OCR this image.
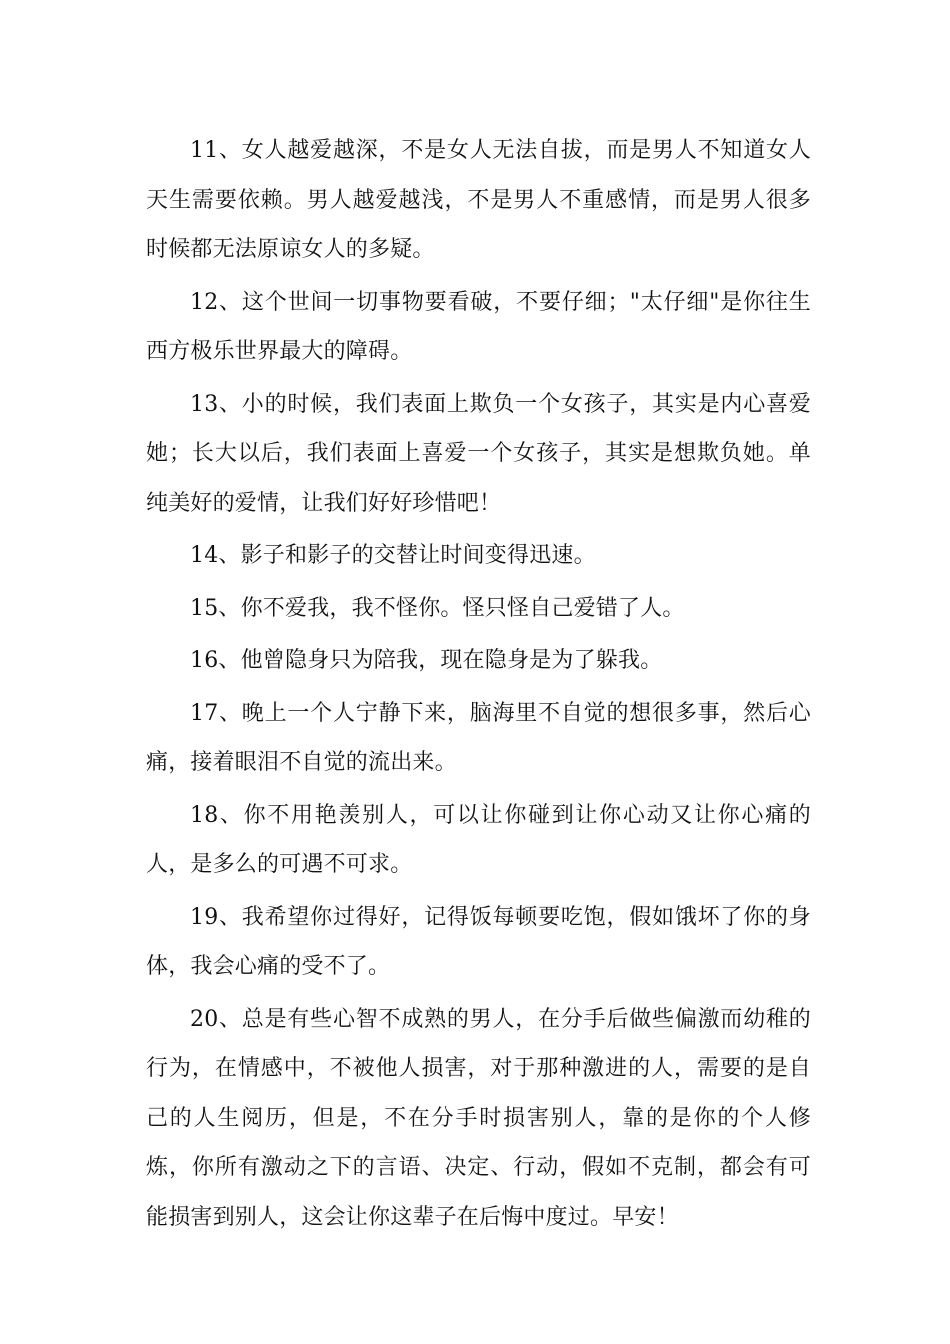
11、女人越爱越深，不是女人无法自拔，而是男人不知道女人天生需要依赖。男人越爱越浅，不是男人不重感情，而是男人很多时候都无法原谅女人的多疑。

12、这个世间一切事物要看破，不要仔细；"太仔细"是你往生西方极乐世界最大的障碍。

13、小的时候，我们表面上欺负一个女孩子，其实是内心喜爱她；长大以后，我们表面上喜爱一个女孩子，其实是想欺负她。单纯美好的爱情，让我们好好珍惜吧！

14、影子和影子的交替让时间变得迅速。

15、你不爱我，我不怪你。怪只怪自己爱错了人。

16、他曾隐身只为陪我，现在隐身是为了躲我。

17、晚上一个人宁静下来，脑海里不自觉的想很多事，然后心痛，接着眼泪不自觉的流出来。

18、你不用艳羡别人，可以让你碰到让你心动又让你心痛的人，是多么的可遇不可求。

19、我希望你过得好，记得饭每顿要吃饱，假如饿坏了你的身体，我会心痛的受不了。

20、总是有些心智不成熟的男人，在分手后做些偏激而幼稚的行为，在情感中，不被他人损害，对于那种激进的人，需要的是自己的人生阅历，但是，不在分手时损害别人，靠的是你的个人修炼，你所有激动之下的言语、决定、行动，假如不克制，都会有可能损害到别人，这会让你这辈子在后悔中度过。早安！
